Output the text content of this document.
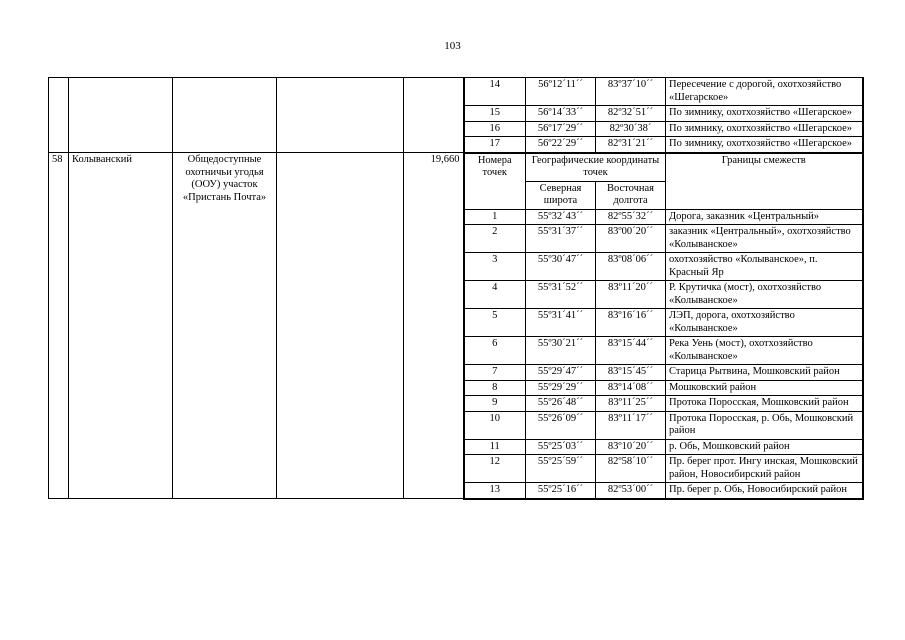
103
					14	56º12´11´´	83º37´10´´	Пересечение с дорогой, охотхозяйство «Шегарское»
					15	56º14´33´´	82º32´51´´	По зимнику, охотхозяйство «Шегарское»
					16	56º17´29´´	82º30´38´	По зимнику, охотхозяйство «Шегарское»
					17	56º22´29´´	82º31´21´´	По зимнику, охотхозяйство «Шегарское»
58	Колыванский	Общедоступные охотничьи угодья (ООУ) участок «Пристань Почта»		19,660	Номера точек	Географические координаты точек		Границы смежеств
						Северная широта	Восточная долгота	
					1	55º32´43´´	82º55´32´´	Дорога, заказник «Центральный»
					2	55º31´37´´	83º00´20´´	заказник «Центральный», охотхозяйство «Колыванское»
					3	55º30´47´´	83º08´06´´	охотхозяйство «Колыванское», п. Красный Яр
					4	55º31´52´´	83º11´20´´	Р. Крутичка (мост), охотхозяйство «Колыванское»
					5	55º31´41´´	83º16´16´´	ЛЭП, дорога, охотхозяйство «Колыванское»
					6	55º30´21´´	83º15´44´´	Река Уень (мост), охотхозяйство «Колыванское»
					7	55º29´47´´	83º15´45´´	Старица Рытвина, Мошковский район
					8	55º29´29´´	83º14´08´´	Мошковский район
					9	55º26´48´´	83º11´25´´	Протока Поросская, Мошковский район
					10	55º26´09´´	83º11´17´´	Протока Поросская, р. Обь, Мошковский район
					11	55º25´03´´	83º10´20´´	р. Обь, Мошковский район
					12	55º25´59´´	82º58´10´´	Пр. берег прот. Ингу инская, Мошковский район, Новосибирский район
					13	55º25´16´´	82º53´00´´	Пр. берег р. Обь, Новосибирский район
